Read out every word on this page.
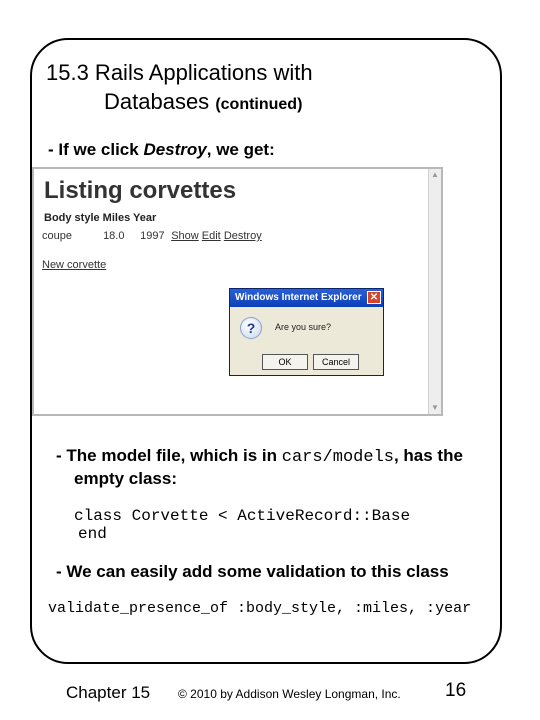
15.3 Rails Applications with
Databases (continued)
- If we click Destroy, we get:
Listing corvettes
Body style Miles Year
coupe	18.0 1997 Show Edit Destroy
New corvette
▲
▼
Windows Internet Explorer ✕
?	Are you sure?
OK	Cancel
- The model file, which is in cars/models, has the
empty class:
class Corvette < ActiveRecord::Base
end
- We can easily add some validation to this class
validate_presence_of :body_style, :miles, :year
Chapter 15 © 2010 by Addison Wesley Longman, Inc. 16
